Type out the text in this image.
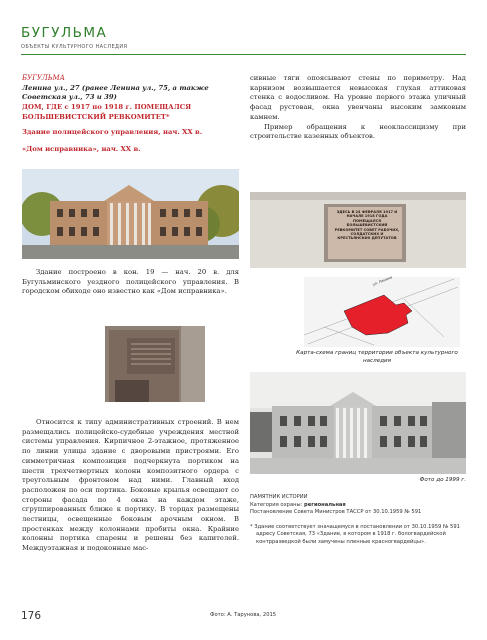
БУГУЛЬМА
ОБЪЕКТЫ КУЛЬТУРНОГО НАСЛЕДИЯ

БУГУЛЬМА

Ленина ул., 27 (ранее Ленина ул., 75, а также Советская ул., 73 и 39)

ДОМ, ГДЕ с 1917 по 1918 г. ПОМЕЩАЛСЯ БОЛЬШЕВИСТСКИЙ РЕВКОМИТЕТ*

Здание полицейского управления, нач. XX в.

«Дом исправника», нач. XX в.

Здание построено в кон. 19 — нач. 20 в. для Бугульминского уездного полицейского управления. В городском обиходе оно известно как «Дом исправника».

Относится к типу административных строений. В нем размещались полицейско-судебные учреждения местной системы управления. Кирпичное 2-этажное, протяженное по линии улицы здание с дворовыми пристроями. Его симметричная композиция подчеркнута портиком на шести трехчетвертных колонн композитного ордера с треугольным фронтоном над ними. Главный вход расположен по оси портика. Боковые крылья освещают со стороны фасада по 4 окна на каждом этаже, сгруппированных ближе к портику. В торцах размещены лестницы, освещенные боковым арочным окном. В простенках между колоннами пробиты окна. Крайние колонны портика спарены и решены без капителей. Междуэтажная и подоконные мас-

сивные тяги опоясывают стены по периметру. Над карнизом возвышается невысокая глухая аттиковая стенка с водосливом. На уровне первого этажа уличный фасад рустован, окна увенчаны высоким замковым камнем.

Пример обращения к неоклассицизму при строительстве казенных объектов.

ЗДЕСЬ В 24 ФЕВРАЛЯ 1917 И НАЧАЛЕ 1918 ГОДА ПОМЕЩАЛСЯ БОЛЬШЕВИСТСКИЙ РЕВКОМИТЕТ СОВЕТ РАБОЧИХ, СОЛДАТСКИХ И КРЕСТЬЯНСКИХ ДЕПУТАТОВ
ул. Ленина
Карта-схема границ территории объекта культурного наследия
Фото до 1999 г.
ПАМЯТНИК ИСТОРИИ
Категория охраны: региональная
Постановление Совета Министров ТАССР от 30.10.1959 № 591
* Здание соответствует значащемуся в постановлении от 30.10.1959 № 591 адресу Советская, 73 «Здание, в котором в 1918 г. бологвардейской контрразведкой были замучены пленные красногвардейцы».
176	Фото: А. Тарунова, 2015
